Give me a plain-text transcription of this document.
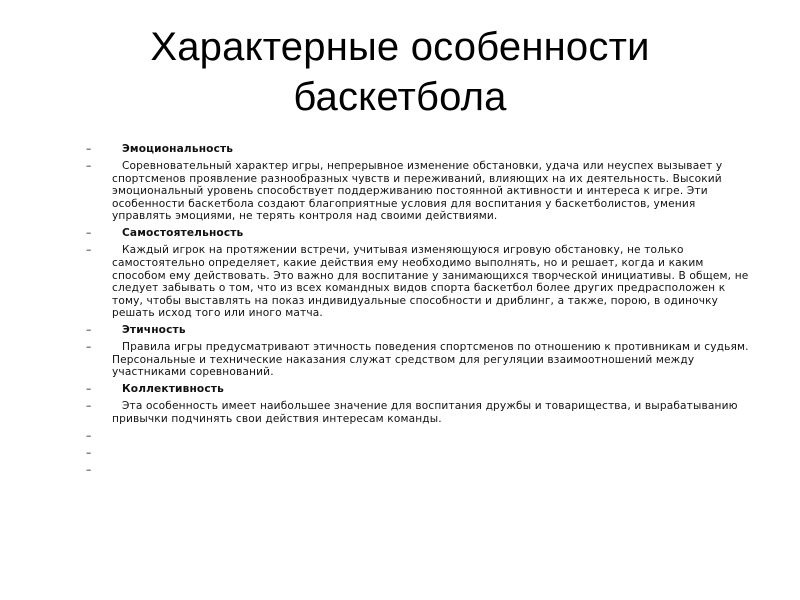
Характерные особенности баскетбола
–	Эмоциональность
–	Соревновательный характер игры, непрерывное изменение обстановки, удача или неуспех вызывает у спортсменов проявление разнообразных чувств и переживаний, влияющих на их деятельность. Высокий эмоциональный уровень способствует поддерживанию постоянной активности и интереса к игре. Эти особенности баскетбола создают благоприятные условия для воспитания у баскетболистов, умения управлять эмоциями, не терять контроля над своими действиями.
–	Самостоятельность
–	Каждый игрок на протяжении встречи, учитывая изменяющуюся игровую обстановку, не только самостоятельно определяет, какие действия ему необходимо выполнять, но и решает, когда и каким способом ему действовать. Это важно для воспитание у занимающихся творческой инициативы. В общем, не следует забывать о том, что из всех командных видов спорта баскетбол более других предрасположен к тому, чтобы выставлять на показ индивидуальные способности и дриблинг, а также, порою, в одиночку решать исход того или иного матча.
–	Этичность
–	Правила игры предусматривают этичность поведения спортсменов по отношению к противникам и судьям. Персональные и технические наказания служат средством для регуляции взаимоотношений между участниками соревнований.
–	Коллективность
–	Эта особенность имеет наибольшее значение для воспитания дружбы и товарищества, и вырабатыванию привычки подчинять свои действия интересам команды.
–
–
–
